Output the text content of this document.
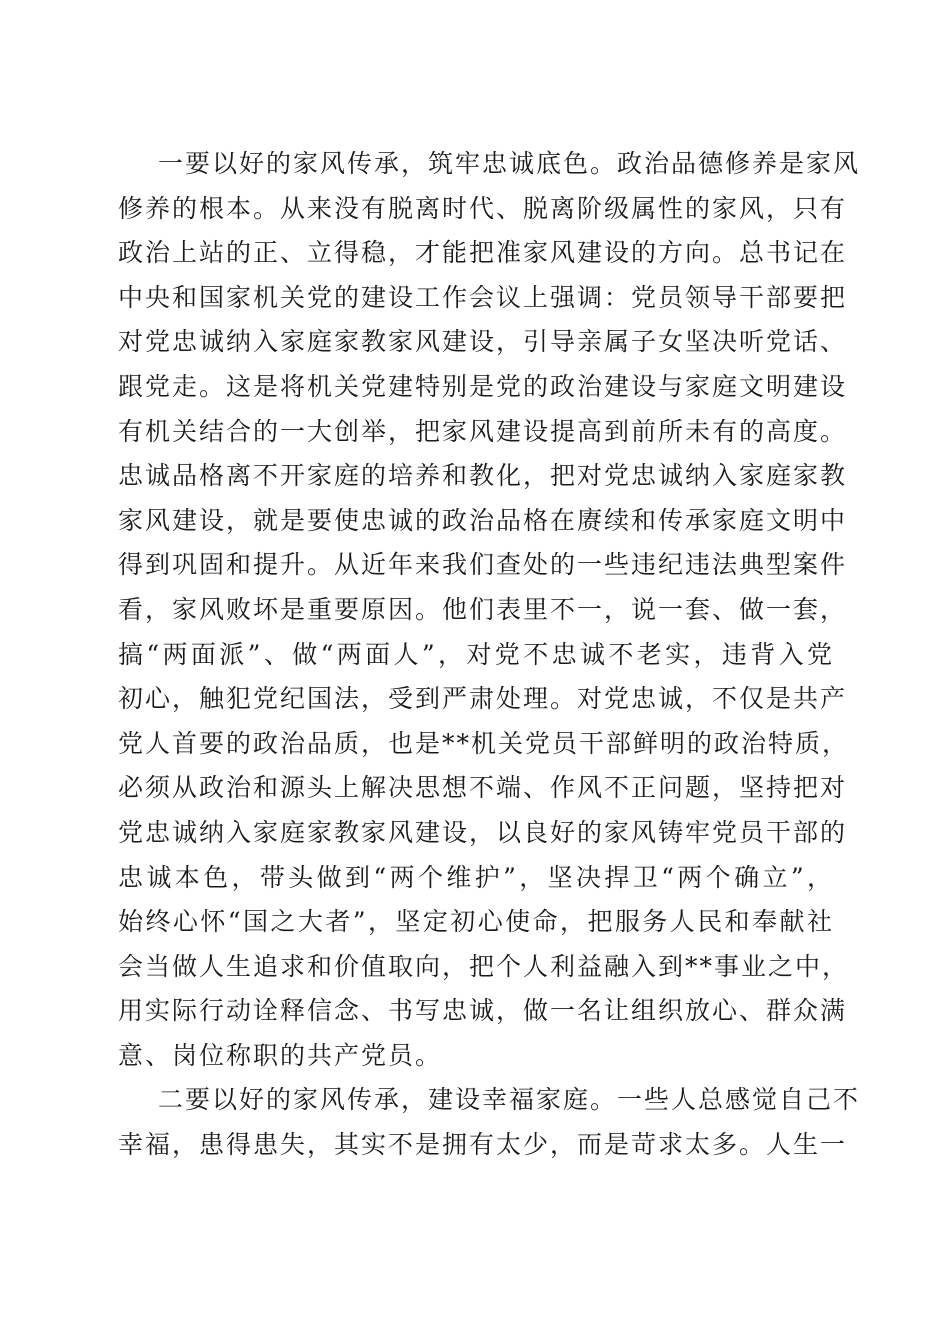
一要以好的家风传承，筑牢忠诚底色。政治品德修养是家风
修养的根本。从来没有脱离时代、脱离阶级属性的家风，只有
政治上站的正、立得稳，才能把准家风建设的方向。总书记在
中央和国家机关党的建设工作会议上强调：党员领导干部要把
对党忠诚纳入家庭家教家风建设，引导亲属子女坚决听党话、
跟党走。这是将机关党建特别是党的政治建设与家庭文明建设
有机关结合的一大创举，把家风建设提高到前所未有的高度。
忠诚品格离不开家庭的培养和教化，把对党忠诚纳入家庭家教
家风建设，就是要使忠诚的政治品格在赓续和传承家庭文明中
得到巩固和提升。从近年来我们查处的一些违纪违法典型案件
看，家风败坏是重要原因。他们表里不一，说一套、做一套，
搞“两面派”、做“两面人”，对党不忠诚不老实，违背入党
初心，触犯党纪国法，受到严肃处理。对党忠诚，不仅是共产
党人首要的政治品质，也是**机关党员干部鲜明的政治特质，
必须从政治和源头上解决思想不端、作风不正问题，坚持把对
党忠诚纳入家庭家教家风建设，以良好的家风铸牢党员干部的
忠诚本色，带头做到“两个维护”，坚决捍卫“两个确立”，
始终心怀“国之大者”，坚定初心使命，把服务人民和奉献社
会当做人生追求和价值取向，把个人利益融入到**事业之中，
用实际行动诠释信念、书写忠诚，做一名让组织放心、群众满
意、岗位称职的共产党员。
二要以好的家风传承，建设幸福家庭。一些人总感觉自己不
幸福，患得患失，其实不是拥有太少，而是苛求太多。人生一
